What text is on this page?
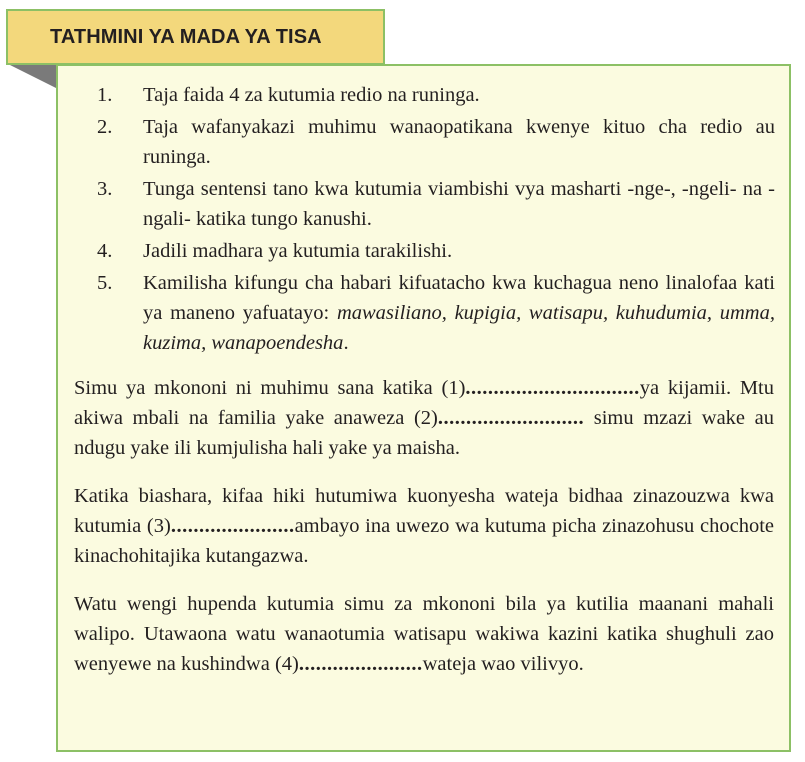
TATHMINI YA MADA YA TISA
1.	Taja faida 4 za kutumia redio na runinga.
2.	Taja wafanyakazi muhimu wanaopatikana kwenye kituo cha redio au runinga.
3.	Tunga sentensi tano kwa kutumia viambishi vya masharti -nge-, -ngeli- na -ngali- katika tungo kanushi.
4.	Jadili madhara ya kutumia tarakilishi.
5.	Kamilisha kifungu cha habari kifuatacho kwa kuchagua neno linalofaa kati ya maneno yafuatayo: mawasiliano, kupigia, watisapu, kuhudumia, umma, kuzima, wanapoendesha.

Simu ya mkononi ni muhimu sana katika (1)...............................ya kijamii. Mtu akiwa mbali na familia yake anaweza (2).......................... simu mzazi wake au ndugu yake ili kumjulisha hali yake ya maisha.

Katika biashara, kifaa hiki hutumiwa kuonyesha wateja bidhaa zinazouzwa kwa kutumia (3)......................ambayo ina uwezo wa kutuma picha zinazohusu chochote kinachohitajika kutangazwa.

Watu wengi hupenda kutumia simu za mkononi bila ya kutilia maanani mahali walipo. Utawaona watu wanaotumia watisapu wakiwa kazini katika shughuli zao wenyewe na kushindwa (4)......................wateja wao vilivyo.
